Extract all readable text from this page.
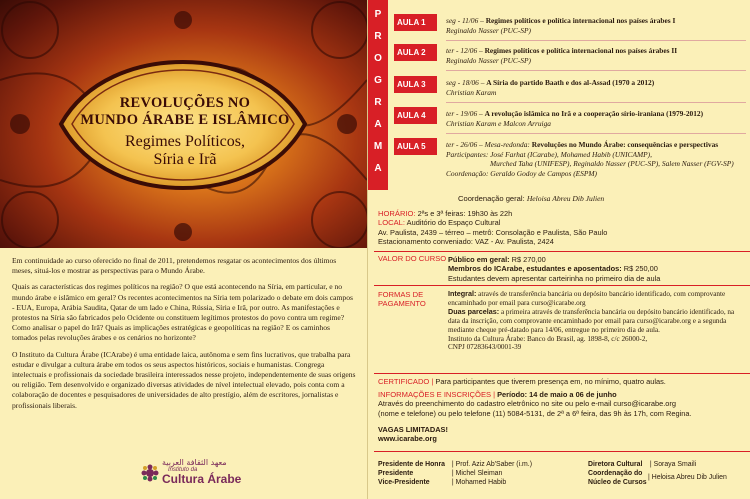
REVOLUÇÕES NO
MUNDO ÁRABE E ISLÂMICO
Regimes Políticos,
Síria e Irã

Em continuidade ao curso oferecido no final de 2011, pretendemos resgatar os acontecimentos dos últimos meses, situá-los e mostrar as perspectivas para o Mundo Árabe.

Quais as características dos regimes políticos na região? O que está acontecendo na Síria, em particular, e no mundo árabe e islâmico em geral? Os recentes acontecimentos na Síria tem polarizado o debate em dois campos - EUA, Europa, Arábia Saudita, Qatar de um lado e China, Rússia, Síria e Irã, por outro. As manifestações e protestos na Síria são fabricados pelo Ocidente ou constituem legítimos protestos do povo contra um regime? Como analisar o papel do Irã? Quais as implicações estratégicas e geopolíticas na região? E os caminhos tomados pelas revoluções árabes e os cenários no horizonte?

O Instituto da Cultura Árabe (ICArabe) é uma entidade laica, autônoma e sem fins lucrativos, que trabalha para estudar e divulgar a cultura árabe em todos os seus aspectos históricos, sociais e humanistas. Congrega intelectuais e profissionais da sociedade brasileira interessados nesse projeto, independentemente de suas origens ou religião. Tem desenvolvido e organizado diversas atividades de nível intelectual elevado, pois conta com a colaboração de docentes e pesquisadores de universidades de alto prestígio, além de escritores, jornalistas e profissionais liberais.

معهد الثقافة العربية
Instituto da
Cultura Árabe
P
R
O
G
R
A
M
A
AULA 1	seg - 11/06 – Regimes políticos e política internacional nos países árabes I
Reginaldo Nasser (PUC-SP)
AULA 2	ter - 12/06 – Regimes políticos e política internacional nos países árabes II
Reginaldo Nasser (PUC-SP)
AULA 3	seg - 18/06 – A Síria do partido Baath e dos al-Assad (1970 a 2012)
Christian Karam
AULA 4	ter - 19/06 – A revolução islâmica no Irã e a cooperação sírio-iraniana (1979-2012)
Christian Karam e Malcon Arruiga
AULA 5	ter - 26/06 – Mesa-redonda: Revoluções no Mundo Árabe: consequências e perspectivas
Participantes: José Farhat (ICarabe), Mohamed Habib (UNICAMP),
Murched Taha (UNIFESP), Reginaldo Nasser (PUC-SP), Salem Nasser (FGV-SP)
Coordenação: Geraldo Godoy de Campos (ESPM)
Coordenação geral: Heloisa Abreu Dib Julien
HORÁRIO: 2ªs e 3ª feiras: 19h30 às 22h
LOCAL: Auditório do Espaço Cultural
Av. Paulista, 2439 – térreo – metrô: Consolação e Paulista, São Paulo
Estacionamento conveniado: VAZ - Av. Paulista, 2424
VALOR DO CURSO Público em geral: R$ 270,00
Membros do ICArabe, estudantes e aposentados: R$ 250,00
Estudantes devem apresentar carteirinha no primeiro dia de aula
FORMAS DE
PAGAMENTO
Integral: através de transferência bancária ou depósito bancário identificado, com comprovante encaminhado por email para curso@icarabe.org
Duas parcelas: a primeira através de transferência bancária ou depósito bancário identificado, na data da inscrição, com comprovante encaminhado por email para curso@icarabe.org e a segunda mediante cheque pré-datado para 14/06, entregue no primeiro dia de aula.
Instituto da Cultura Árabe: Banco do Brasil, ag. 1898-8, c/c 26000-2,
CNPJ 07283643/0001-39
CERTIFICADO | Para participantes que tiverem presença em, no mínimo, quatro aulas.
INFORMAÇÕES E INSCRIÇÕES | Período: 14 de maio a 06 de junho
Através do preenchimento do cadastro eletrônico no site ou pelo e-mail curso@icarabe.org
(nome e telefone) ou pelo telefone (11) 5084-5131, de 2ª a 6ª feira, das 9h às 17h, com Regina.
VAGAS LIMITADAS!
www.icarabe.org
Presidente de Honra | Prof. Aziz Ab'Saber (i.m.)
Presidente	| Michel Sleiman
Vice-Presidente	| Mohamed Habib
Diretora Cultural | Soraya Smaili
Coordenação do
Núcleo de Cursos
| Heloisa Abreu Dib Julien
